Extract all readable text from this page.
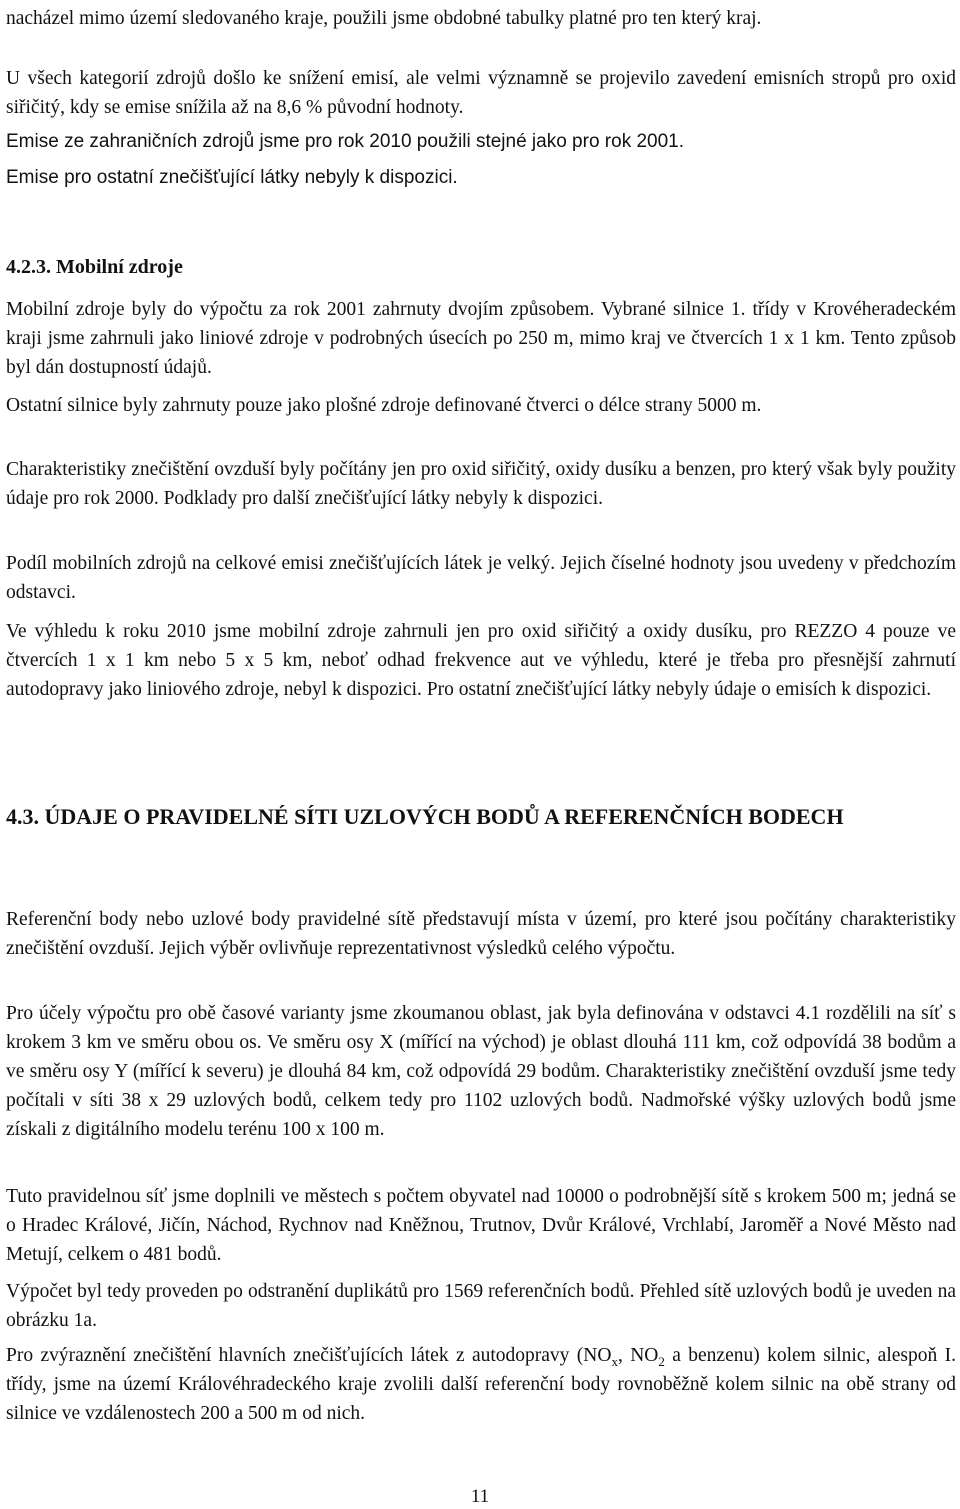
nacházel mimo území sledovaného kraje, použili jsme obdobné tabulky platné pro ten který kraj.

U všech kategorií zdrojů došlo ke snížení emisí, ale velmi významně se projevilo zavedení emisních stropů pro oxid siřičitý, kdy se emise snížila až na 8,6 % původní hodnoty.

Emise ze zahraničních zdrojů jsme pro rok 2010 použili stejné jako pro rok 2001.

Emise pro ostatní znečišťující látky nebyly k dispozici.

4.2.3. Mobilní zdroje

Mobilní zdroje byly do výpočtu za rok 2001 zahrnuty dvojím způsobem. Vybrané silnice 1. třídy v Krovéheradeckém kraji jsme zahrnuli jako liniové zdroje v podrobných úsecích po 250 m, mimo kraj ve čtvercích 1 x 1 km. Tento způsob byl dán dostupností údajů.

Ostatní silnice byly zahrnuty pouze jako plošné zdroje definované čtverci o délce strany 5000 m.

Charakteristiky znečištění ovzduší byly počítány jen pro oxid siřičitý, oxidy dusíku a benzen, pro který však byly použity údaje pro rok 2000. Podklady pro další znečišťující látky nebyly k dispozici.

Podíl mobilních zdrojů na celkové emisi znečišťujících látek je velký. Jejich číselné hodnoty jsou uvedeny v předchozím odstavci.

Ve výhledu k roku 2010 jsme mobilní zdroje zahrnuli jen pro oxid siřičitý a oxidy dusíku, pro REZZO 4 pouze ve čtvercích 1 x 1 km nebo 5 x 5 km, neboť odhad frekvence aut ve výhledu, které je třeba pro přesnější zahrnutí autodopravy jako liniového zdroje, nebyl k dispozici. Pro ostatní znečišťující látky nebyly údaje o emisích k dispozici.

4.3. ÚDAJE O PRAVIDELNÉ SÍTI UZLOVÝCH BODŮ A REFERENČNÍCH BODECH

Referenční body nebo uzlové body pravidelné sítě představují místa v území, pro které jsou počítány charakteristiky znečištění ovzduší. Jejich výběr ovlivňuje reprezentativnost výsledků celého výpočtu.

Pro účely výpočtu pro obě časové varianty jsme zkoumanou oblast, jak byla definována v odstavci 4.1 rozdělili na síť s krokem 3 km ve směru obou os. Ve směru osy X (mířící na východ) je oblast dlouhá 111 km, což odpovídá 38 bodům a ve směru osy Y (mířící k severu) je dlouhá 84 km, což odpovídá 29 bodům. Charakteristiky znečištění ovzduší jsme tedy počítali v síti 38 x 29 uzlových bodů, celkem tedy pro 1102 uzlových bodů. Nadmořské výšky uzlových bodů jsme získali z digitálního modelu terénu 100 x 100 m.

Tuto pravidelnou síť jsme doplnili ve městech s počtem obyvatel nad 10000 o podrobnější sítě s krokem 500 m; jedná se o Hradec Králové, Jičín, Náchod, Rychnov nad Kněžnou, Trutnov, Dvůr Králové, Vrchlabí, Jaroměř a Nové Město nad Metují, celkem o 481 bodů.

Výpočet byl tedy proveden po odstranění duplikátů pro 1569 referenčních bodů. Přehled sítě uzlových bodů je uveden na obrázku 1a.

Pro zvýraznění znečištění hlavních znečišťujících látek z autodopravy ($NO_x$, $NO_2$ a benzenu) kolem silnic, alespoň I. třídy, jsme na území Královéhradeckého kraje zvolili další referenční body rovnoběžně kolem silnic na obě strany od silnice ve vzdálenostech 200 a 500 m od nich.

11
